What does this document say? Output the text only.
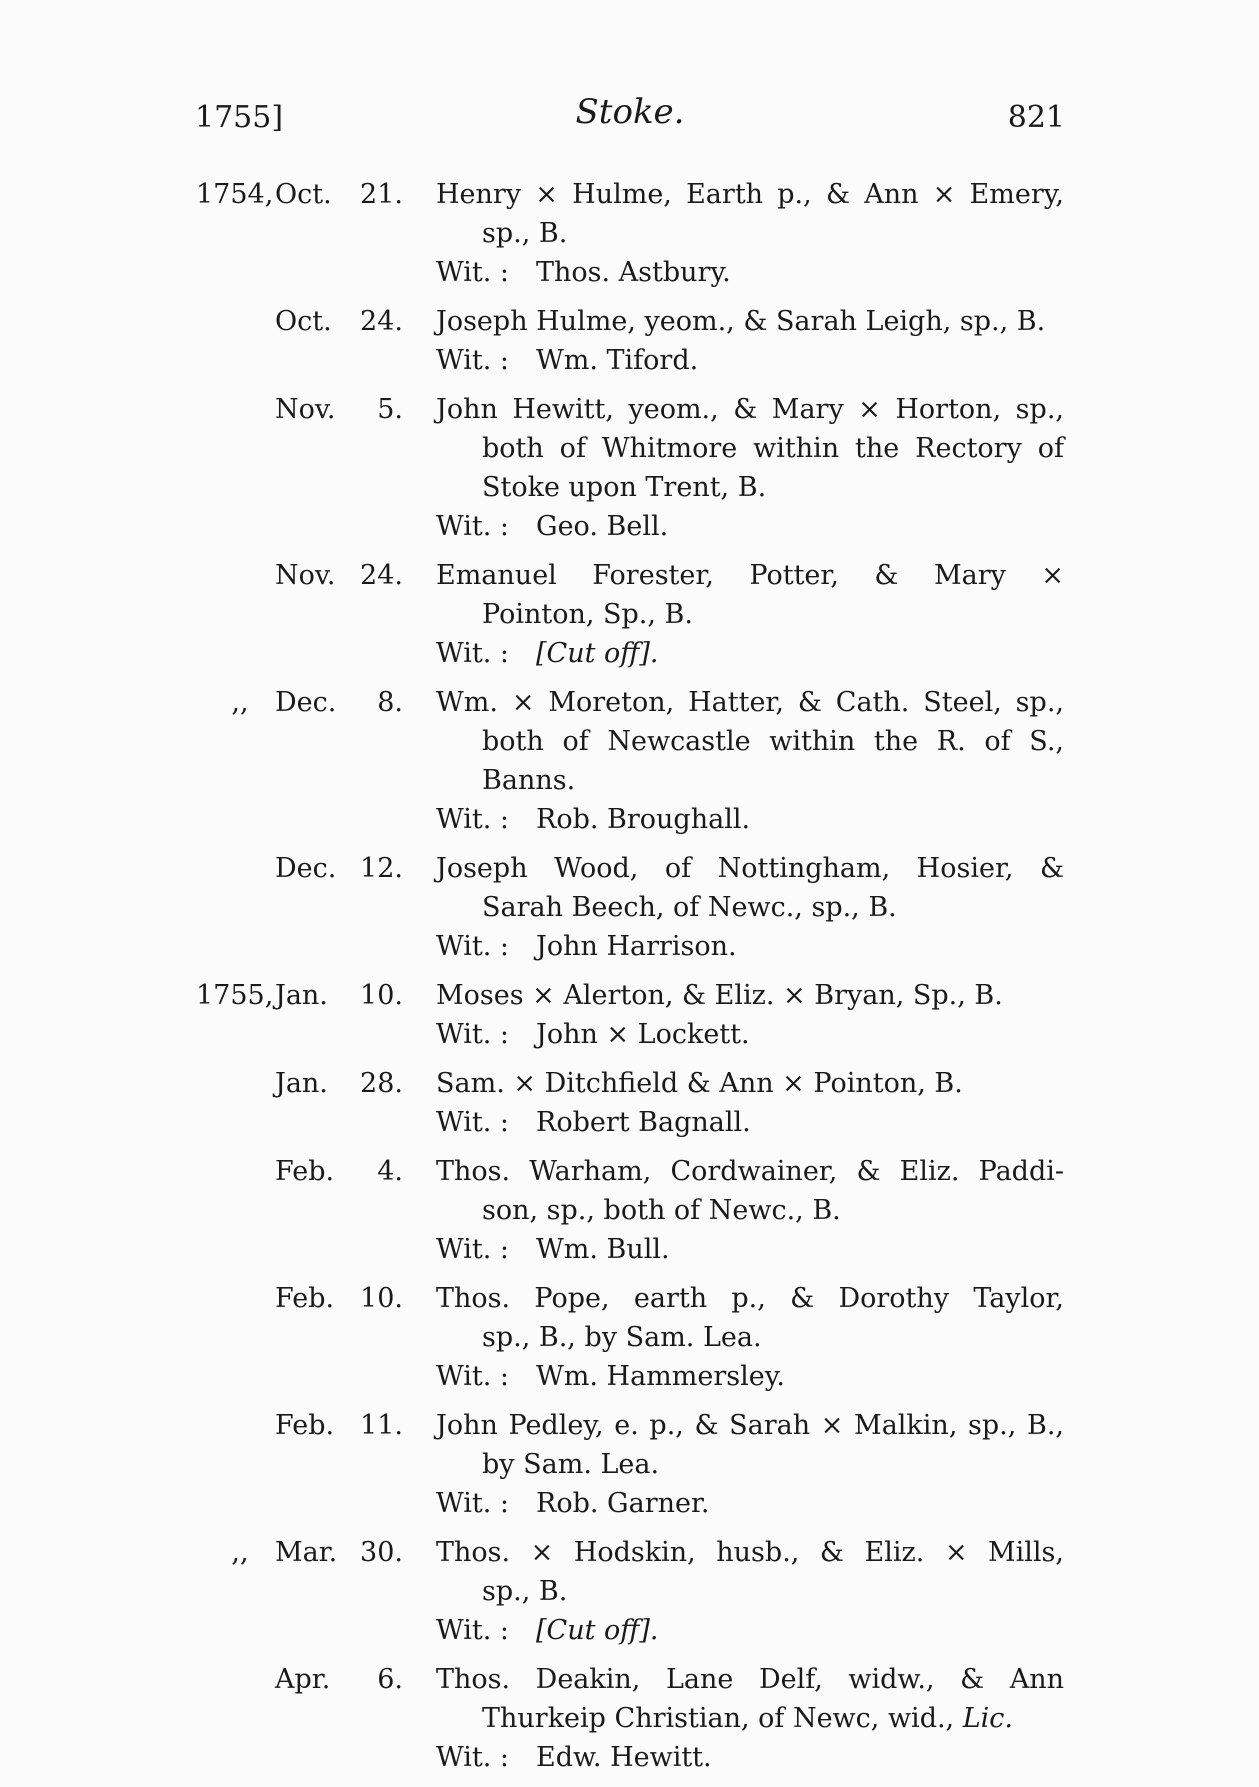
1755]	Stoke.	821
1754, Oct.	21. Henry × Hulme, Earth p., & Ann × Emery,
sp., B.
Wit. : Thos. Astbury.
Oct.	24. Joseph Hulme, yeom., & Sarah Leigh, sp., B.
Wit. : Wm. Tiford.
Nov.	5. John Hewitt, yeom., & Mary × Horton, sp.,
both of Whitmore within the Rectory of
Stoke upon Trent, B.
Wit. : Geo. Bell.
Nov. 24. Emanuel Forester, Potter, & Mary ×
Pointon, Sp., B.
Wit. : [Cut off].
,, Dec.	8. Wm. × Moreton, Hatter, & Cath. Steel, sp.,
both of Newcastle within the R. of S.,
Banns.
Wit. : Rob. Broughall.
Dec. 12. Joseph Wood, of Nottingham, Hosier, &
Sarah Beech, of Newc., sp., B.
Wit. : John Harrison.
1755, Jan.	10. Moses × Alerton, & Eliz. × Bryan, Sp., B.
Wit. : John × Lockett.
Jan.	28. Sam. × Ditchfield & Ann × Pointon, B.
Wit. : Robert Bagnall.
Feb.	4. Thos. Warham, Cordwainer, & Eliz. Paddi-
son, sp., both of Newc., B.
Wit. : Wm. Bull.
Feb. 10. Thos. Pope, earth p., & Dorothy Taylor,
sp., B., by Sam. Lea.
Wit. : Wm. Hammersley.
Feb. 11. John Pedley, e. p., & Sarah × Malkin, sp., B.,
by Sam. Lea.
Wit. : Rob. Garner.
,, Mar. 30. Thos. × Hodskin, husb., & Eliz. × Mills,
sp., B.
Wit. : [Cut off].
Apr.	6. Thos. Deakin, Lane Delf, widw., & Ann
Thurkeip Christian, of Newc, wid., Lic.
Wit. : Edw. Hewitt.
